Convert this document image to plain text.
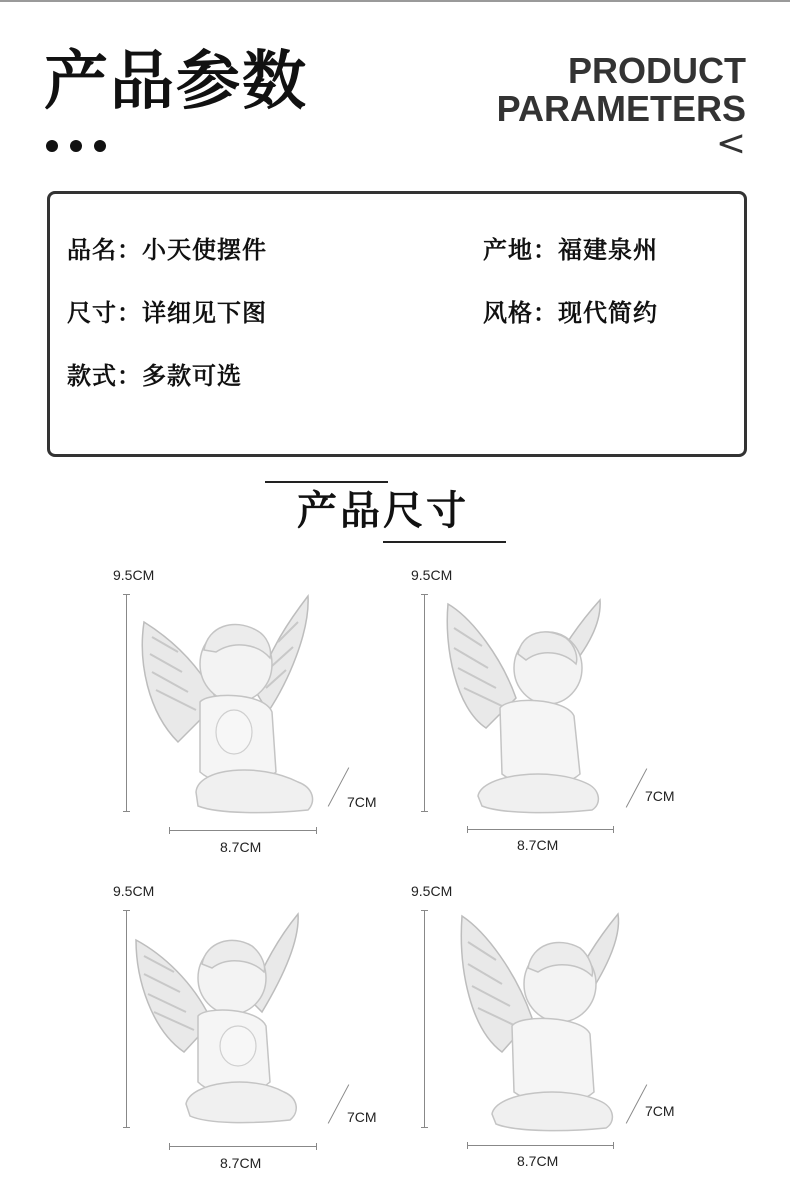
产品参数	PRODUCT
PARAMETERS
<
品名：小天使摆件	产地：福建泉州
尺寸：详细见下图	风格：现代简约
款式：多款可选
产品尺寸
9.5CM
7CM
8.7CM
9.5CM
7CM
8.7CM
9.5CM
7CM
8.7CM
9.5CM
7CM
8.7CM
